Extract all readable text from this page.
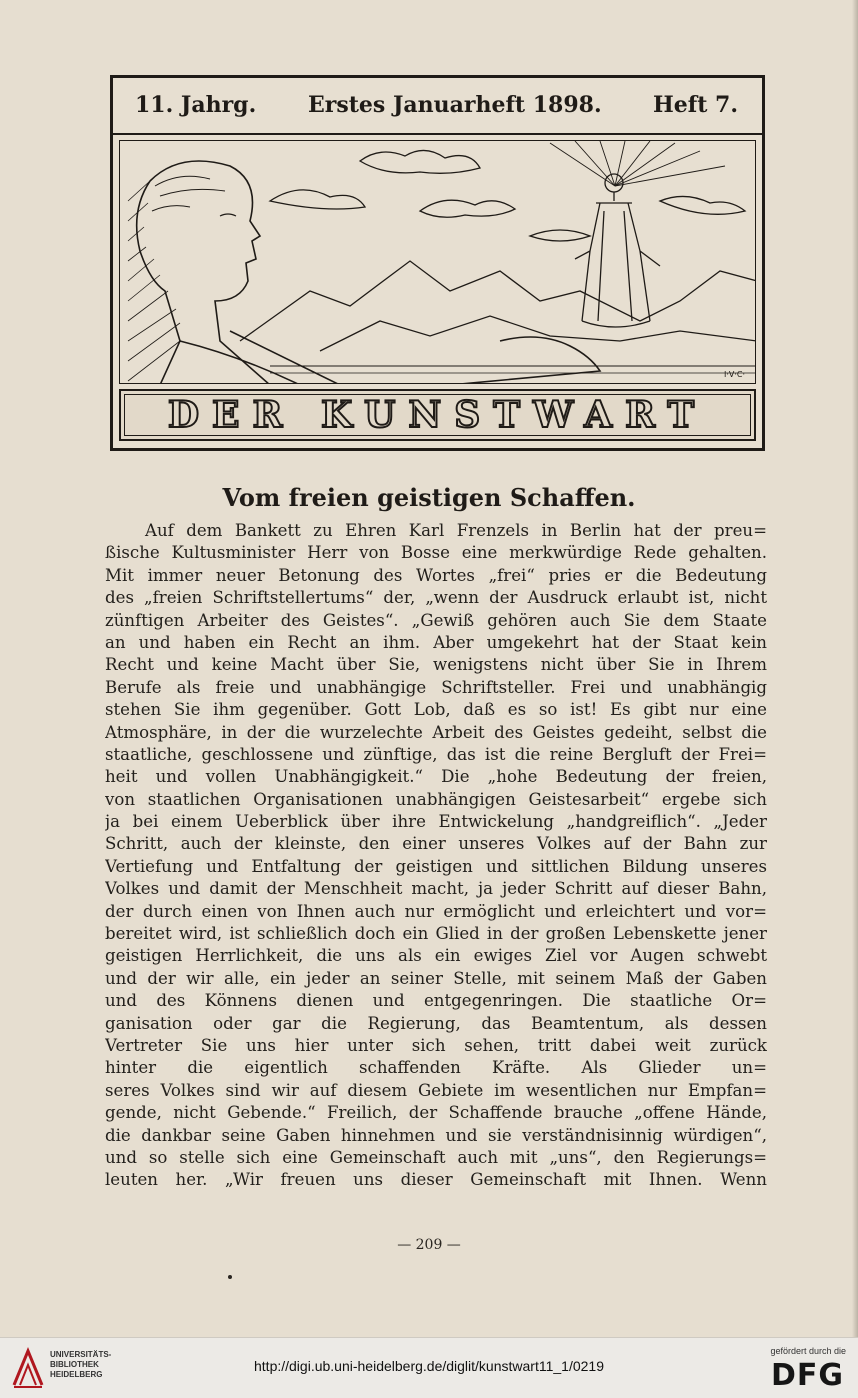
11. Jahrg. Erstes Januarheft 1898. Heft 7.
I·V·C·
DER KUNSTWART
Vom freien geistigen Schaffen.
Auf dem Bankett zu Ehren Karl Frenzels in Berlin hat der preu=
ßische Kultusminister Herr von Bosse eine merkwürdige Rede gehalten.
Mit immer neuer Betonung des Wortes „frei“ pries er die Bedeutung
des „freien Schriftstellertums“ der, „wenn der Ausdruck erlaubt ist, nicht
zünftigen Arbeiter des Geistes“. „Gewiß gehören auch Sie dem Staate
an und haben ein Recht an ihm. Aber umgekehrt hat der Staat kein
Recht und keine Macht über Sie, wenigstens nicht über Sie in Ihrem
Berufe als freie und unabhängige Schriftsteller. Frei und unabhängig
stehen Sie ihm gegenüber. Gott Lob, daß es so ist! Es gibt nur eine
Atmosphäre, in der die wurzelechte Arbeit des Geistes gedeiht, selbst die
staatliche, geschlossene und zünftige, das ist die reine Bergluft der Frei=
heit und vollen Unabhängigkeit.“ Die „hohe Bedeutung der freien,
von staatlichen Organisationen unabhängigen Geistesarbeit“ ergebe sich
ja bei einem Ueberblick über ihre Entwickelung „handgreiflich“. „Jeder
Schritt, auch der kleinste, den einer unseres Volkes auf der Bahn zur
Vertiefung und Entfaltung der geistigen und sittlichen Bildung unseres
Volkes und damit der Menschheit macht, ja jeder Schritt auf dieser Bahn,
der durch einen von Ihnen auch nur ermöglicht und erleichtert und vor=
bereitet wird, ist schließlich doch ein Glied in der großen Lebenskette jener
geistigen Herrlichkeit, die uns als ein ewiges Ziel vor Augen schwebt
und der wir alle, ein jeder an seiner Stelle, mit seinem Maß der Gaben
und des Könnens dienen und entgegenringen. Die staatliche Or=
ganisation oder gar die Regierung, das Beamtentum, als dessen
Vertreter Sie uns hier unter sich sehen, tritt dabei weit zurück
hinter die eigentlich schaffenden Kräfte. Als Glieder un=
seres Volkes sind wir auf diesem Gebiete im wesentlichen nur Empfan=
gende, nicht Gebende.“ Freilich, der Schaffende brauche „offene Hände,
die dankbar seine Gaben hinnehmen und sie verständnisinnig würdigen“,
und so stelle sich eine Gemeinschaft auch mit „uns“, den Regierungs=
leuten her. „Wir freuen uns dieser Gemeinschaft mit Ihnen. Wenn
— 209 —
UNIVERSITÄTS-
BIBLIOTHEK
HEIDELBERG
http://digi.ub.uni-heidelberg.de/diglit/kunstwart11_1/0219
gefördert durch die
DFG
